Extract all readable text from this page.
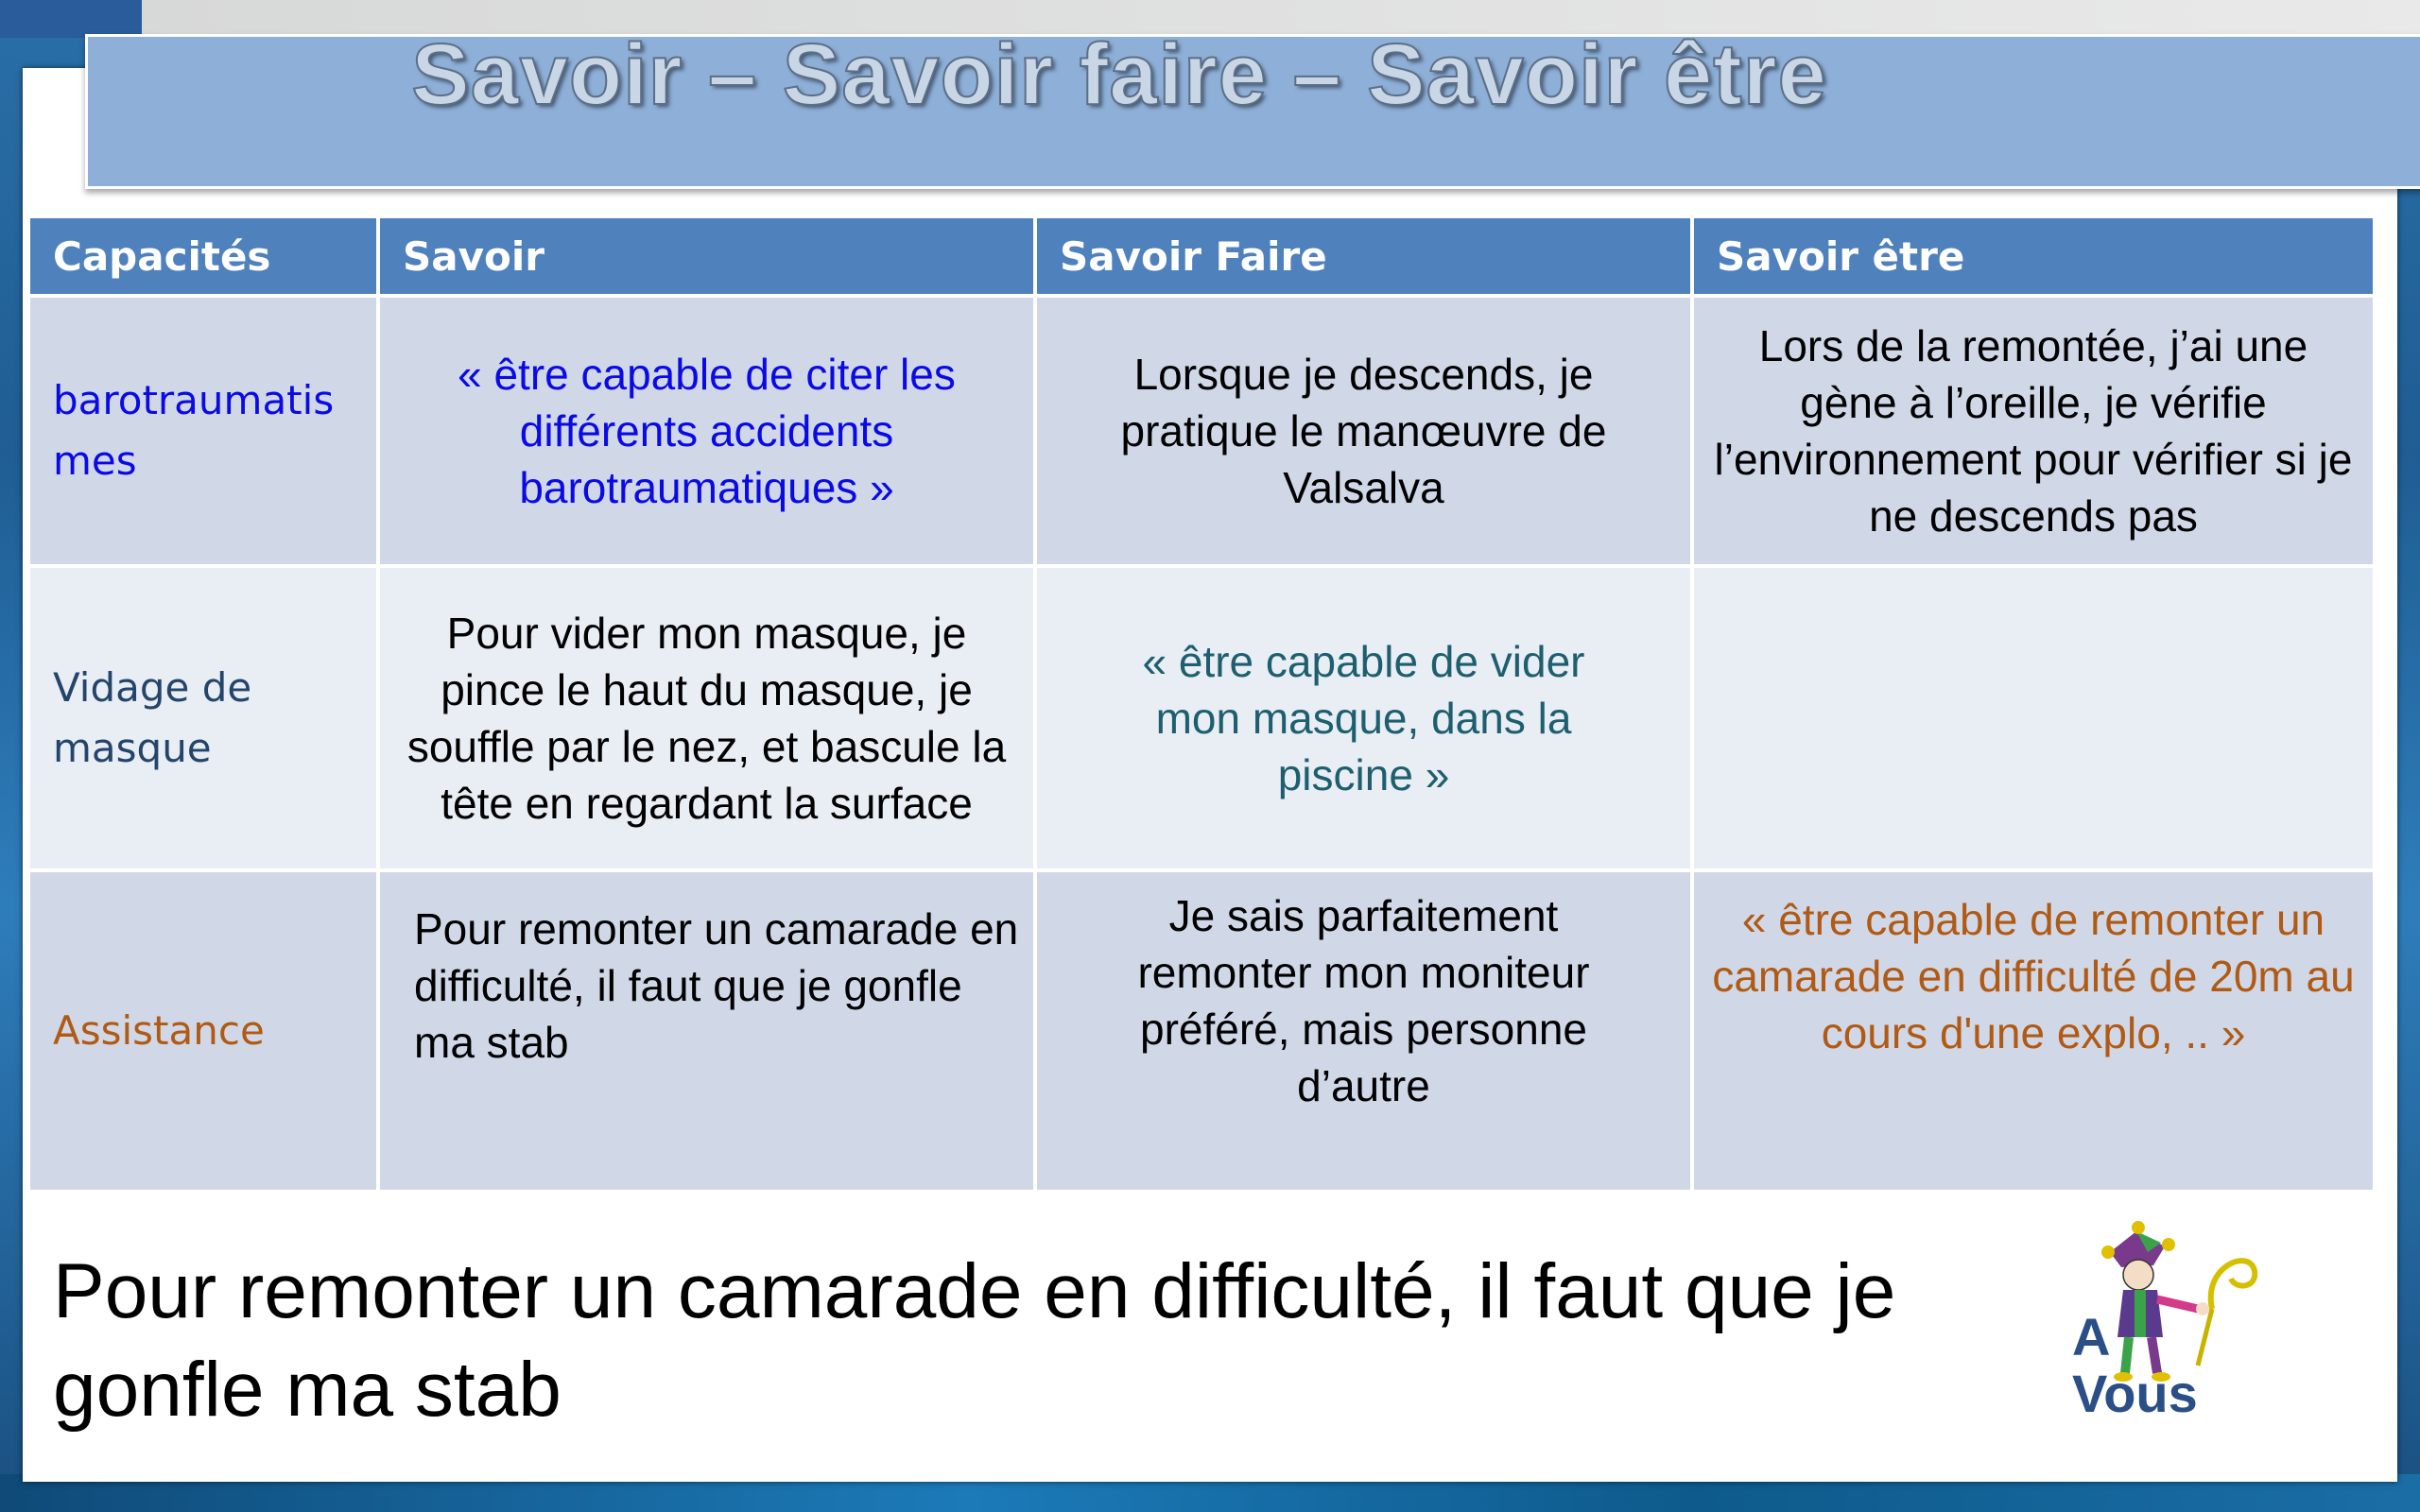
Savoir – Savoir faire – Savoir être
Capacités	Savoir	Savoir Faire	Savoir être
barotraumatismes	« être capable de citer les différents accidents barotraumatiques »	Lorsque je descends, je pratique le manœuvre de Valsalva	Lors de la remontée, j’ai une gène à l’oreille, je vérifie l’environnement pour vérifier si je ne descends pas

Vidage de masque	Pour vider mon masque, je pince le haut du masque, je souffle par le nez, et bascule la tête en regardant la surface	« être capable de vider mon masque, dans la piscine »	

Assistance	Pour remonter un camarade en difficulté, il faut que je gonfle ma stab	Je sais parfaitement remonter mon moniteur préféré, mais personne d’autre	« être capable de remonter un camarade en difficulté de 20m au cours d'une explo, .. »
Pour remonter un camarade en difficulté, il faut que je gonfle ma stab
A Vous
